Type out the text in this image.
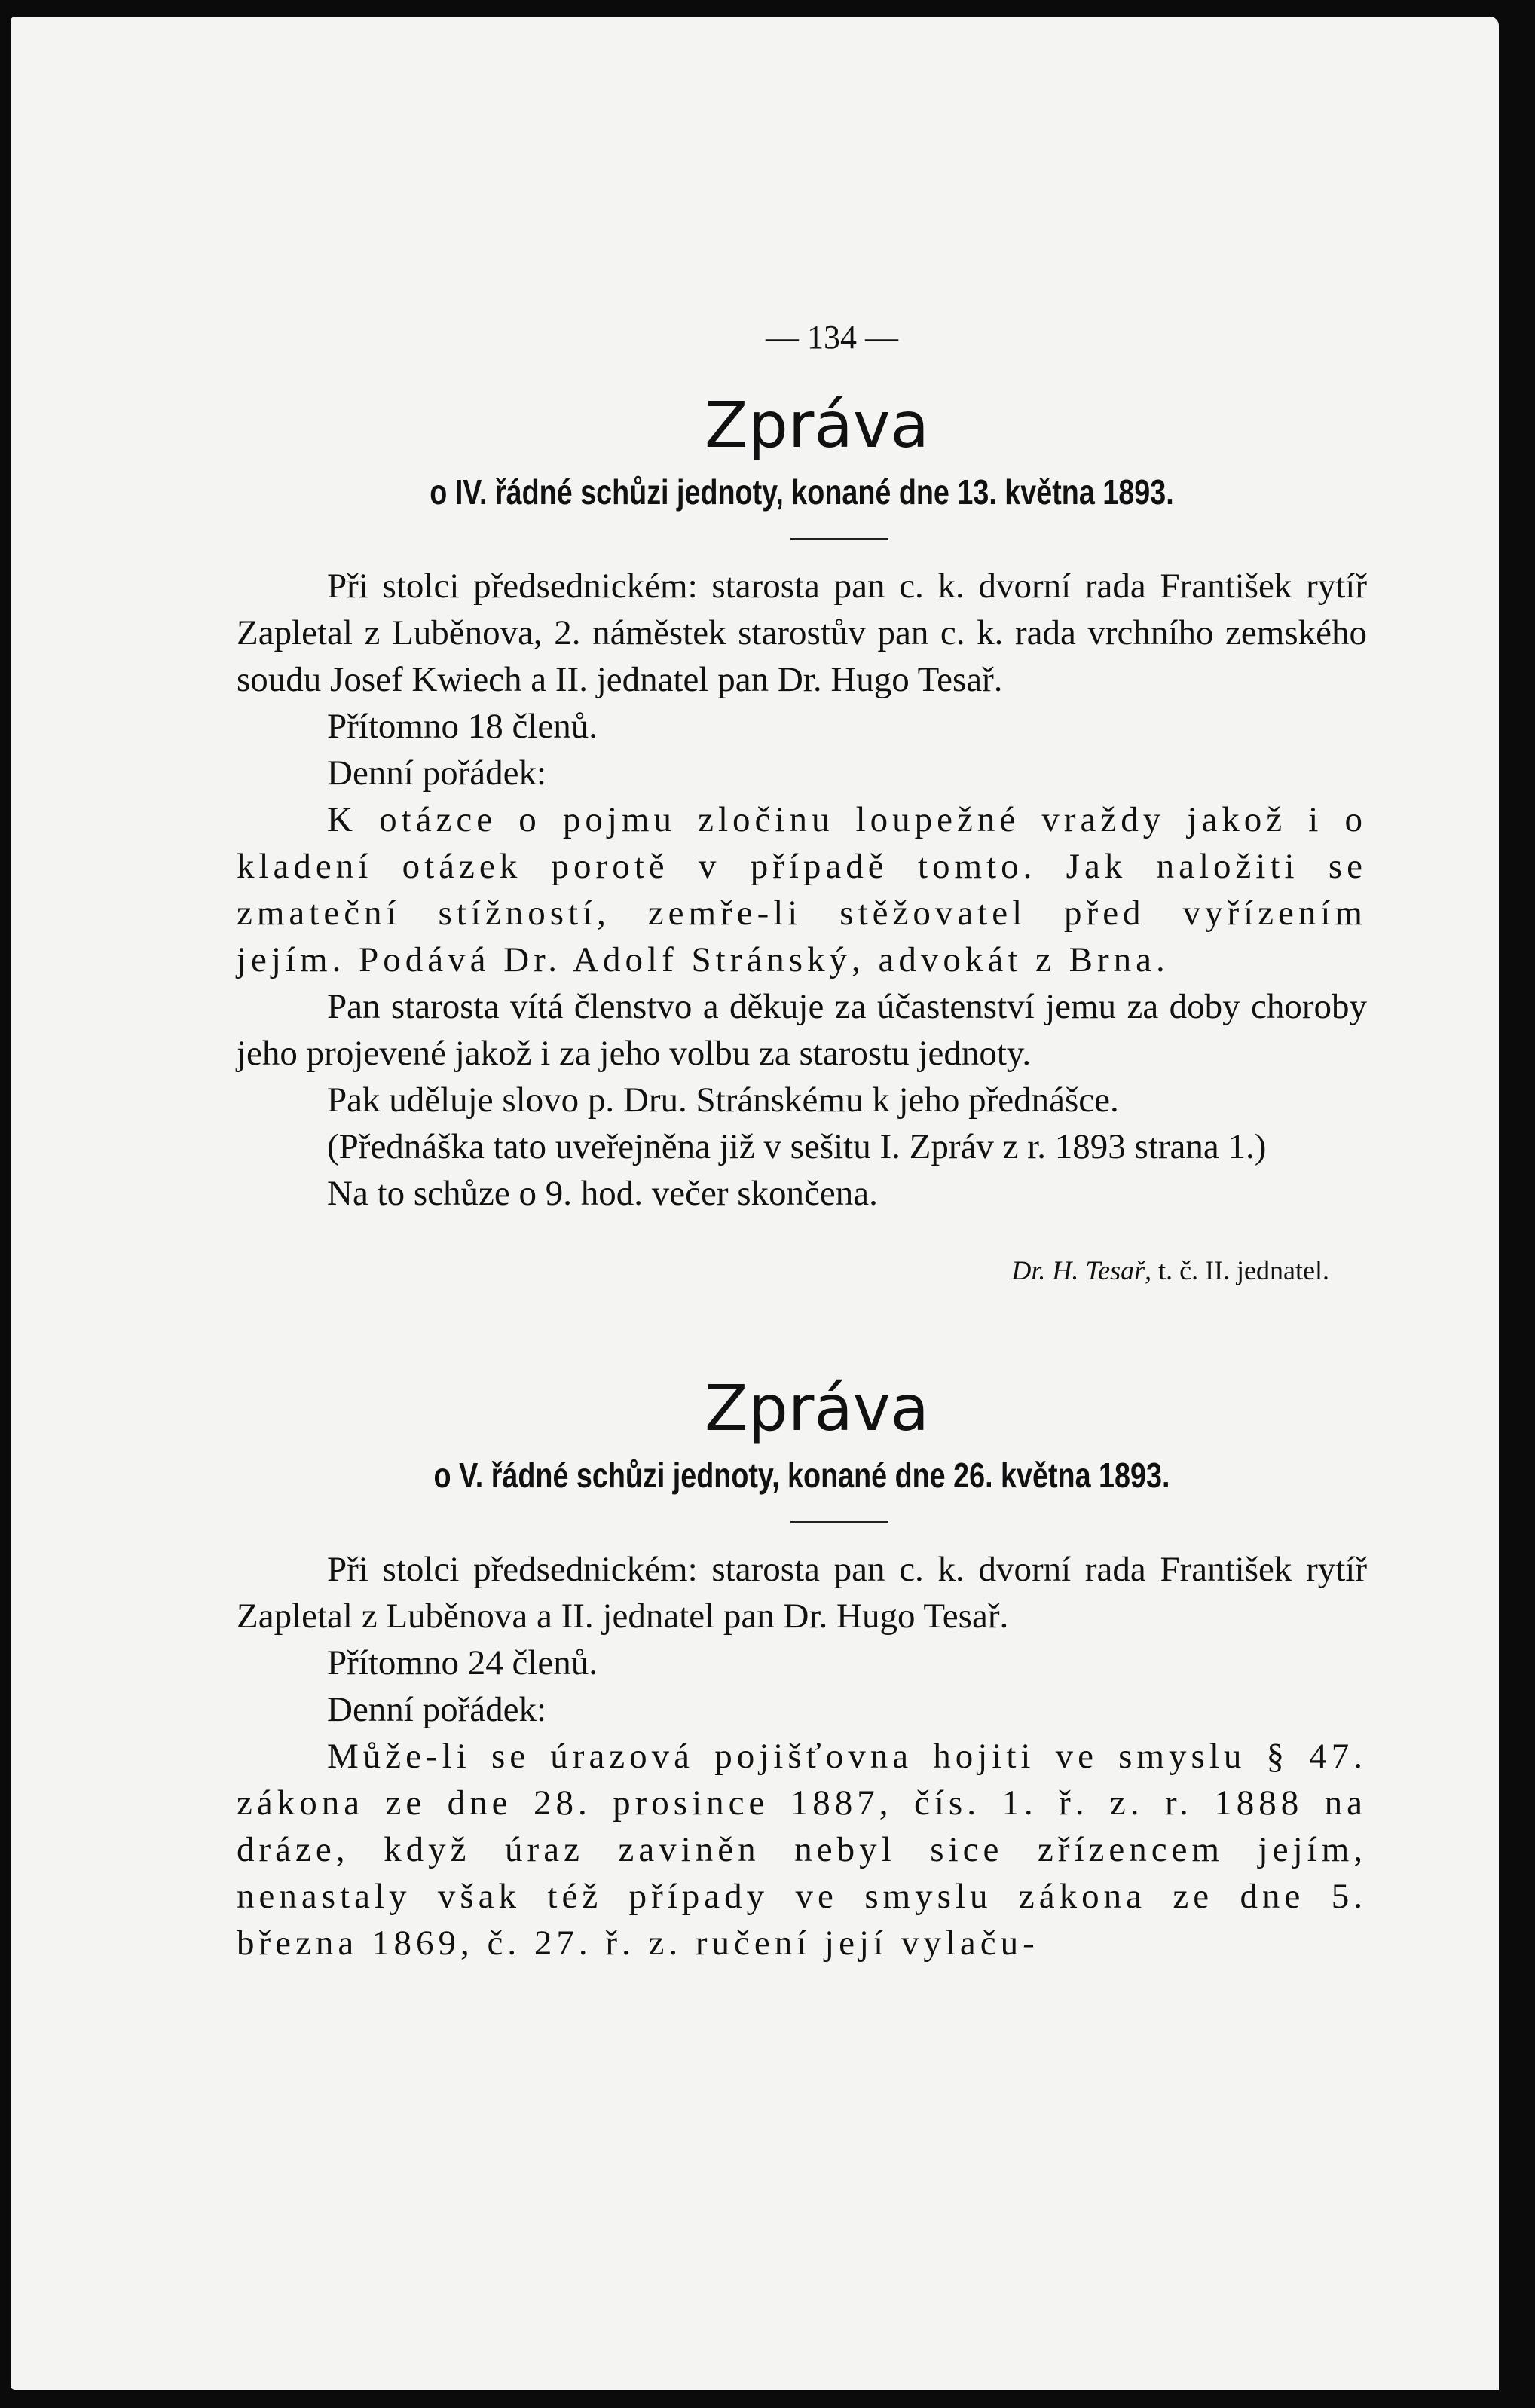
— 134 —
Zpráva
o IV. řádné schůzi jednoty, konané dne 13. května 1893.

Při stolci předsednickém: starosta pan c. k. dvorní rada František rytíř Zapletal z Luběnova, 2. náměstek starostův pan c. k. rada vrchního zemského soudu Josef Kwiech a II. jednatel pan Dr. Hugo Tesař.

Přítomno 18 členů.

Denní pořádek:

K otázce o pojmu zločinu loupežné vraždy jakož i o kladení otázek porotě v případě tomto. Jak naložiti se zmateční stížností, zemře-li stěžovatel před vyřízením jejím. Podává Dr. Adolf Stránský, advokát z Brna.

Pan starosta vítá členstvo a děkuje za účastenství jemu za doby choroby jeho projevené jakož i za jeho volbu za starostu jednoty.

Pak uděluje slovo p. Dru. Stránskému k jeho přednášce.

(Přednáška tato uveřejněna již v sešitu I. Zpráv z r. 1893 strana 1.)

Na to schůze o 9. hod. večer skončena.

Dr. H. Tesař, t. č. II. jednatel.
Zpráva
o V. řádné schůzi jednoty, konané dne 26. května 1893.

Při stolci předsednickém: starosta pan c. k. dvorní rada František rytíř Zapletal z Luběnova a II. jednatel pan Dr. Hugo Tesař.

Přítomno 24 členů.

Denní pořádek:

Může-li se úrazová pojišťovna hojiti ve smyslu § 47. zákona ze dne 28. prosince 1887, čís. 1. ř. z. r. 1888 na dráze, když úraz zaviněn nebyl sice zřízencem jejím, nenastaly však též případy ve smyslu zákona ze dne 5. března 1869, č. 27. ř. z. ručení její vylaču-
